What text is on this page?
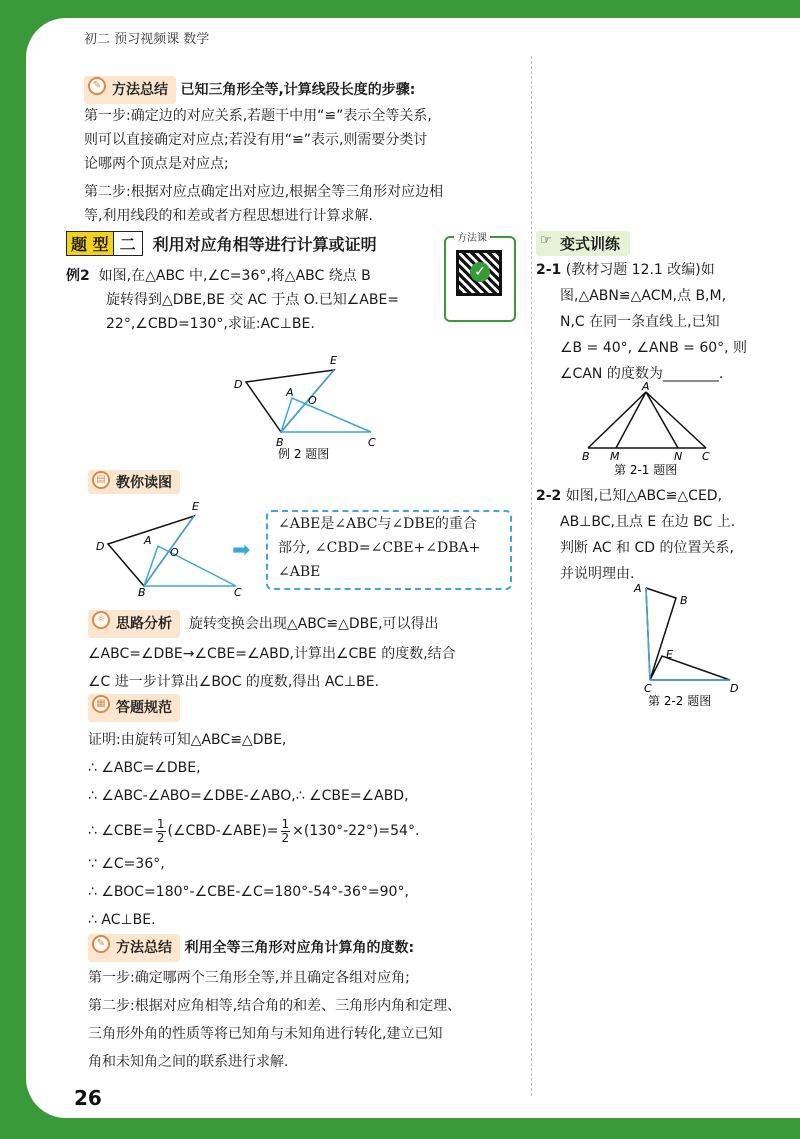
初二 预习视频课 数学
✎ 方法总结 已知三角形全等,计算线段长度的步骤:
第一步:确定边的对应关系,若题干中用“≌”表示全等关系,
则可以直接确定对应点;若没有用“≌”表示,则需要分类讨
论哪两个顶点是对应点;
第二步:根据对应点确定出对应边,根据全等三角形对应边相
等,利用线段的和差或者方程思想进行计算求解.
题 型 二 利用对应角相等进行计算或证明	方法课
✓
例2 如图,在△ABC 中,∠C=36°,将△ABC 绕点 B
旋转得到△DBE,BE 交 AC 于点 O.已知∠ABE=
22°,∠CBD=130°,求证:AC⊥BE.
E
D
A
O
B	C
例 2 题图
▤ 教你读图
E
D	A
O
B	C
➡
∠ABE是∠ABC与∠DBE的重合
部分, ∠CBD=∠CBE+∠DBA+
∠ABE
☼ 思路分析 旋转变换会出现△ABC≌△DBE,可以得出
∠ABC=∠DBE→∠CBE=∠ABD,计算出∠CBE 的度数,结合
∠C 进一步计算出∠BOC 的度数,得出 AC⊥BE.
▦ 答题规范
证明:由旋转可知△ABC≌△DBE,
∴ ∠ABC=∠DBE,
∴ ∠ABC-∠ABO=∠DBE-∠ABO,∴ ∠CBE=∠ABD,
∴ ∠CBE= $\frac{1}{2}$ (∠CBD-∠ABE)= $\frac{1}{2} \times(130^\circ-22^\circ)=54^\circ$.
∵ ∠C=36°,
∴ ∠BOC=180°-∠CBE-∠C=180°-54°-36°=90°,
∴ AC⊥BE.
✎ 方法总结 利用全等三角形对应角计算角的度数:
第一步:确定哪两个三角形全等,并且确定各组对应角;
第二步:根据对应角相等,结合角的和差、三角形内角和定理、
三角形外角的性质等将已知角与未知角进行转化,建立已知
角和未知角之间的联系进行求解.
☞ 变式训练
2-1 (教材习题 12.1 改编)如
图,△ABN≌△ACM,点 B,M,
N,C 在同一条直线上,已知
∠B = 40°, ∠ANB = 60°, 则
∠CAN 的度数为________.
A
B M	N C
第 2-1 题图
2-2 如图,已知△ABC≌△CED,
AB⊥BC,且点 E 在边 BC 上.
判断 AC 和 CD 的位置关系,
并说明理由.
A
B
E
C	D
第 2-2 题图
26
